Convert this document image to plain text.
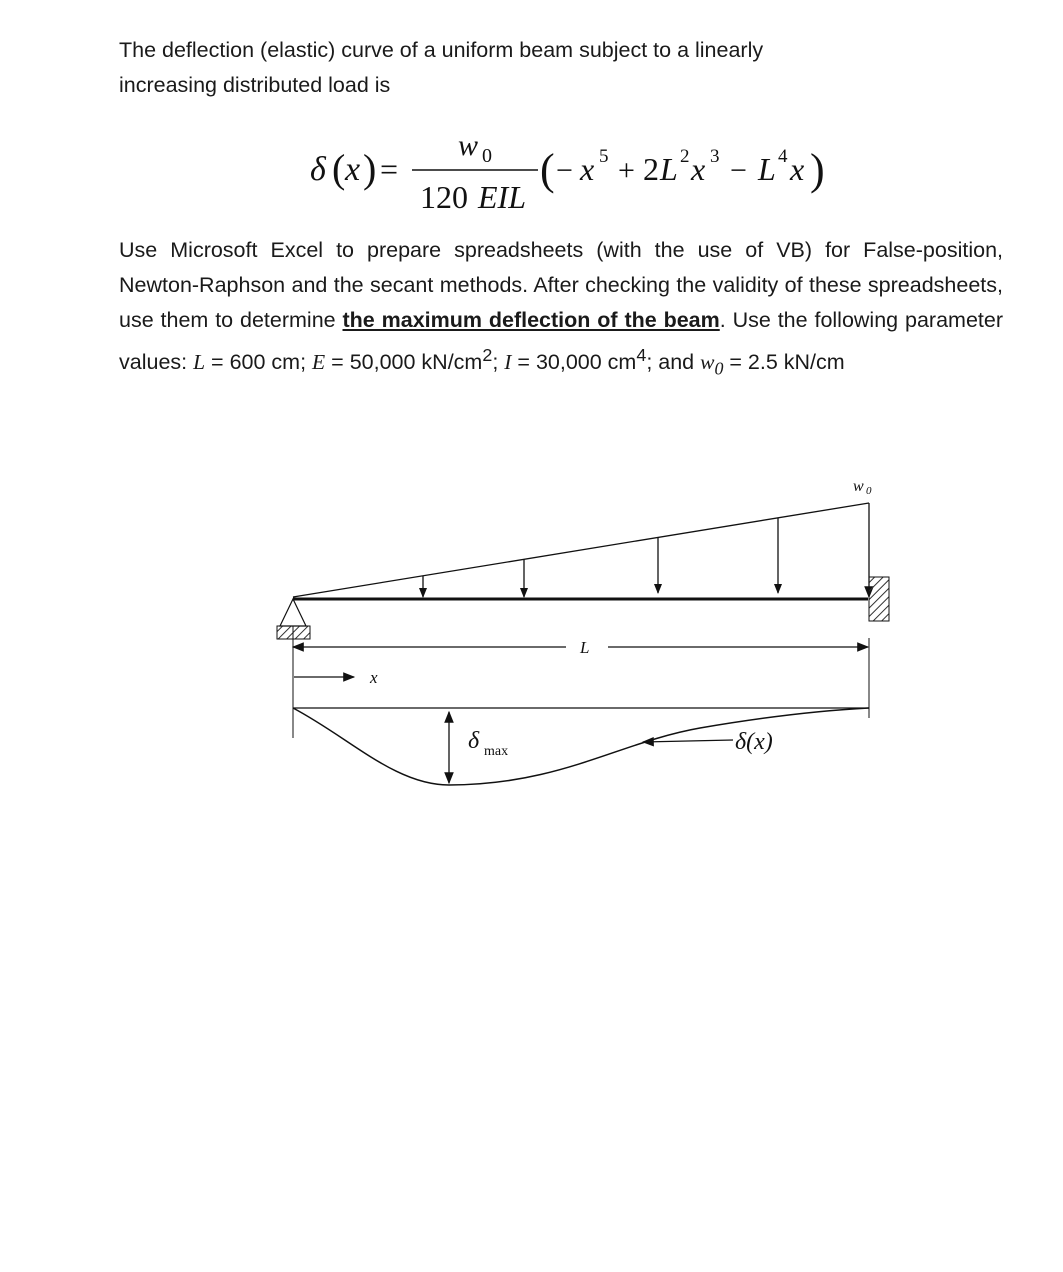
The deflection (elastic) curve of a uniform beam subject to a linearly
increasing distributed load is

δ ( x ) =
w 0
120 EIL
( − x 5 + 2 L 2 x 3 − L 4 x )

Use Microsoft Excel to prepare spreadsheets (with the use of VB) for False-position, Newton-Raphson and the secant methods. After checking the validity of these spreadsheets, use them to determine the maximum deflection of the beam. Use the following parameter values: L = 600 cm; E = 50,000 $kN/cm^2$; I = 30,000 $cm^4$; and $w_0 = 2.5$ kN/cm

w 0
L
x
δ max	δ(x)
